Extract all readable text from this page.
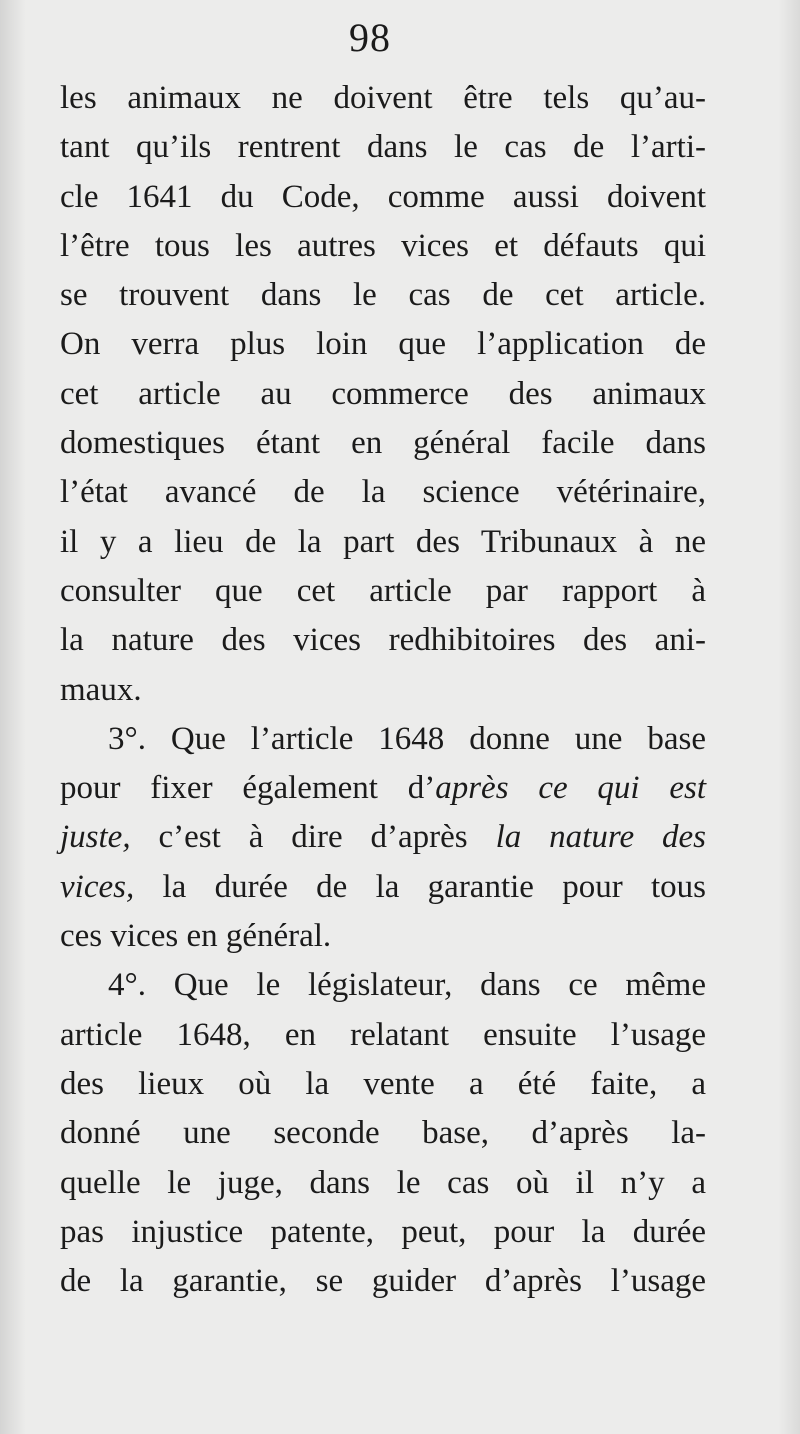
98
les animaux ne doivent être tels qu’au-
tant qu’ils rentrent dans le cas de l’arti-
cle 1641 du Code, comme aussi doivent
l’être tous les autres vices et défauts qui
se trouvent dans le cas de cet article.
On verra plus loin que l’application de
cet article au commerce des animaux
domestiques étant en général facile dans
l’état avancé de la science vétérinaire,
il y a lieu de la part des Tribunaux à ne
consulter que cet article par rapport à
la nature des vices redhibitoires des ani-
maux.
3°. Que l’article 1648 donne une base
pour fixer également d’après ce qui est
juste, c’est à dire d’après la nature des
vices, la durée de la garantie pour tous
ces vices en général.
4°. Que le législateur, dans ce même
article 1648, en relatant ensuite l’usage
des lieux où la vente a été faite, a
donné une seconde base, d’après la-
quelle le juge, dans le cas où il n’y a
pas injustice patente, peut, pour la durée
de la garantie, se guider d’après l’usage
